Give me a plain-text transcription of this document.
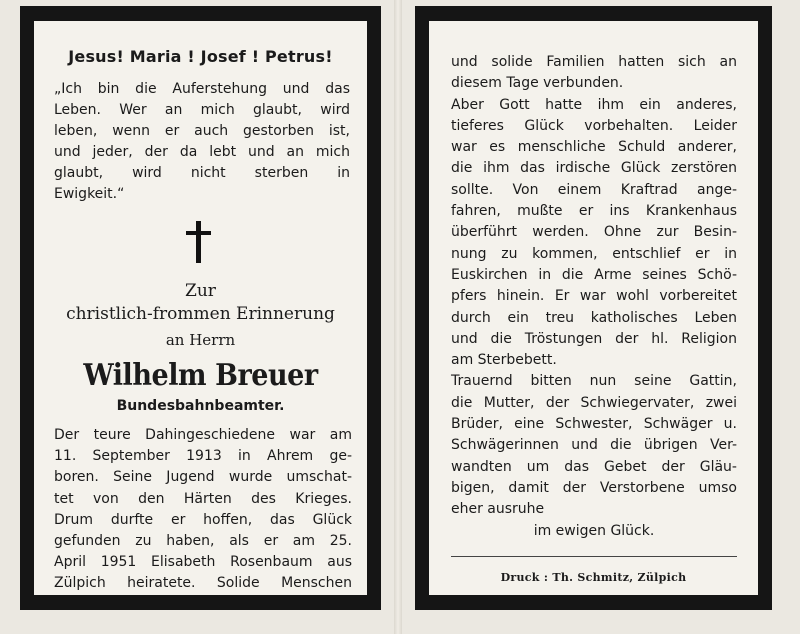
Jesus! Maria ! Josef ! Petrus!
„Ich bin die Auferstehung und das
Leben. Wer an mich glaubt, wird
leben, wenn er auch gestorben ist,
und jeder, der da lebt und an mich
glaubt, wird nicht sterben in
Ewigkeit.“
Zur
christlich-frommen Erinnerung
an Herrn
Wilhelm Breuer
Bundesbahnbeamter.
Der teure Dahingeschiedene war am
11. September 1913 in Ahrem ge-
boren. Seine Jugend wurde umschat-
tet von den Härten des Krieges.
Drum durfte er hoffen, das Glück
gefunden zu haben, als er am 25.
April 1951 Elisabeth Rosenbaum aus
Zülpich heiratete. Solide Menschen
und solide Familien hatten sich an
diesem Tage verbunden.
Aber Gott hatte ihm ein anderes,
tieferes Glück vorbehalten. Leider
war es menschliche Schuld anderer,
die ihm das irdische Glück zerstören
sollte. Von einem Kraftrad ange-
fahren, mußte er ins Krankenhaus
überführt werden. Ohne zur Besin-
nung zu kommen, entschlief er in
Euskirchen in die Arme seines Schö-
pfers hinein. Er war wohl vorbereitet
durch ein treu katholisches Leben
und die Tröstungen der hl. Religion
am Sterbebett.
Trauernd bitten nun seine Gattin,
die Mutter, der Schwiegervater, zwei
Brüder, eine Schwester, Schwäger u.
Schwägerinnen und die übrigen Ver-
wandten um das Gebet der Gläu-
bigen, damit der Verstorbene umso
eher ausruhe
im ewigen Glück.
Druck : Th. Schmitz, Zülpich
